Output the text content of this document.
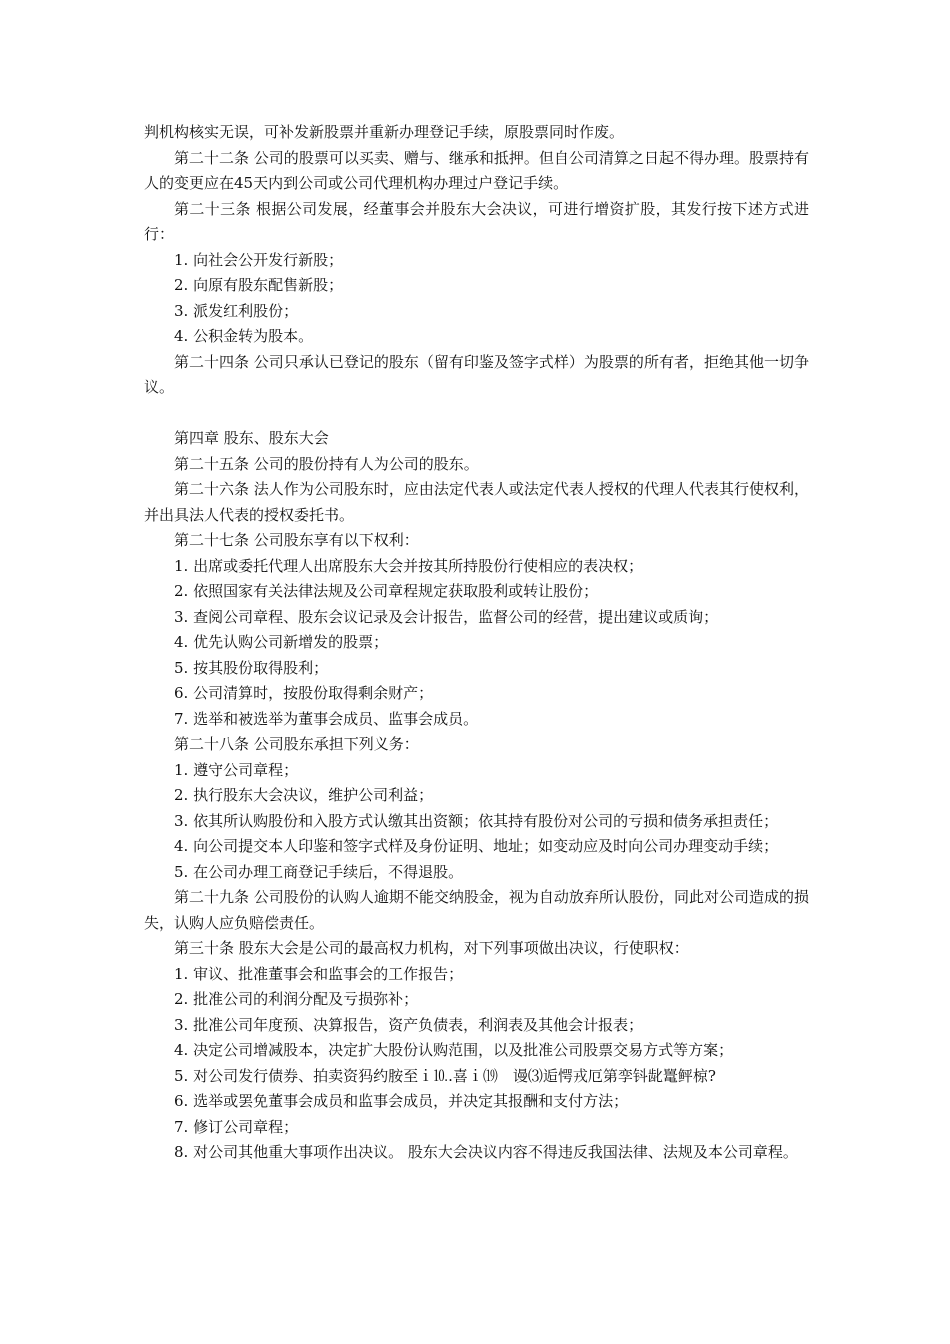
判机构核实无误，可补发新股票并重新办理登记手续，原股票同时作废。

第二十二条 公司的股票可以买卖、赠与、继承和抵押。但自公司清算之日起不得办理。股票持有人的变更应在45天内到公司或公司代理机构办理过户登记手续。

第二十三条 根据公司发展，经董事会并股东大会决议，可进行增资扩股，其发行按下述方式进行：

1. 向社会公开发行新股；

2. 向原有股东配售新股；

3. 派发红利股份；

4. 公积金转为股本。

第二十四条 公司只承认已登记的股东（留有印鉴及签字式样）为股票的所有者，拒绝其他一切争议。

第四章 股东、股东大会

第二十五条 公司的股份持有人为公司的股东。

第二十六条 法人作为公司股东时，应由法定代表人或法定代表人授权的代理人代表其行使权利，并出具法人代表的授权委托书。

第二十七条 公司股东享有以下权利：

1. 出席或委托代理人出席股东大会并按其所持股份行使相应的表决权；

2. 依照国家有关法律法规及公司章程规定获取股利或转让股份；

3. 查阅公司章程、股东会议记录及会计报告，监督公司的经营，提出建议或质询；

4. 优先认购公司新增发的股票；

5. 按其股份取得股利；

6. 公司清算时，按股份取得剩余财产；

7. 选举和被选举为董事会成员、监事会成员。

第二十八条 公司股东承担下列义务：

1. 遵守公司章程；

2. 执行股东大会决议，维护公司利益；

3. 依其所认购股份和入股方式认缴其出资额；依其持有股份对公司的亏损和债务承担责任；

4. 向公司提交本人印鉴和签字式样及身份证明、地址；如变动应及时向公司办理变动手续；

5. 在公司办理工商登记手续后，不得退股。

第二十九条 公司股份的认购人逾期不能交纳股金，视为自动放弃所认股份，同此对公司造成的损失，认购人应负赔偿责任。

第三十条 股东大会是公司的最高权力机构，对下列事项做出决议，行使职权：

1. 审议、批准董事会和监事会的工作报告；

2. 批准公司的利润分配及亏损弥补；

3. 批准公司年度预、决算报告，资产负债表，利润表及其他会计报表；

4. 决定公司增减股本，决定扩大股份认购范围，以及批准公司股票交易方式等方案；

5. 对公司发行债券、拍卖资犸约胺至ｉ⒑.喜ｉ⒆　谩⑶逅愕戎厄第孪钭龀鼍鲆椋?

6. 选举或罢免董事会成员和监事会成员，并决定其报酬和支付方法；

7. 修订公司章程；

8. 对公司其他重大事项作出决议。 股东大会决议内容不得违反我国法律、法规及本公司章程。
